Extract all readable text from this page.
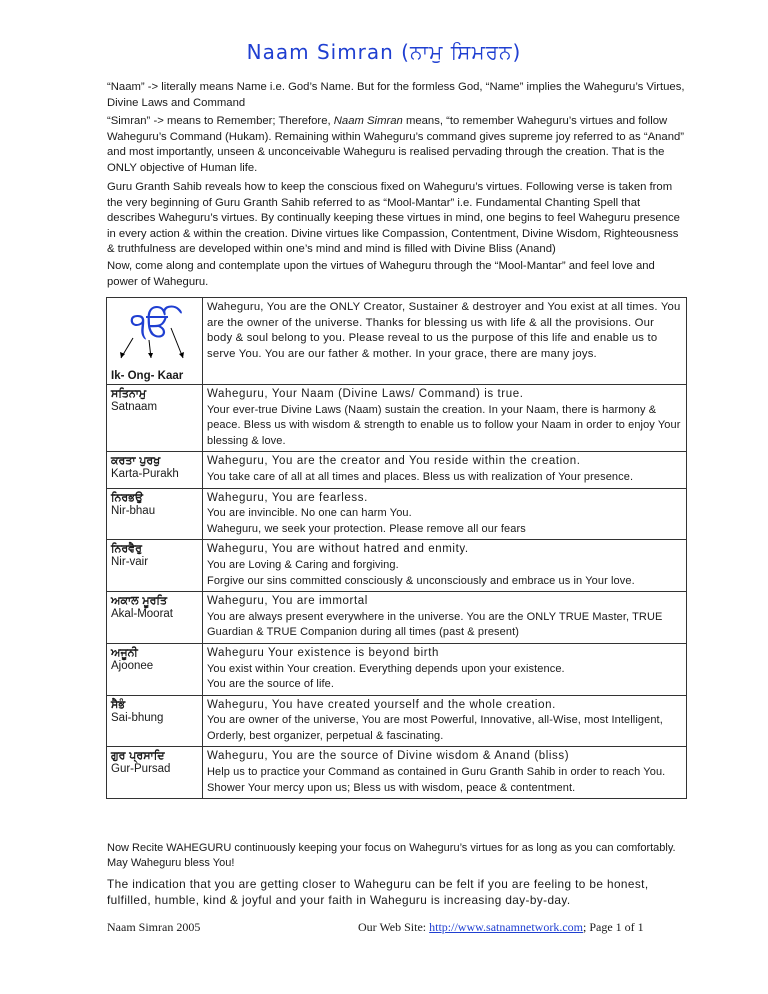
Naam Simran (ਨਾਮੁ ਸਿਮਰਨ)

“Naam” -> literally means Name i.e. God’s Name. But for the formless God, “Name” implies the Waheguru’s Virtues, Divine Laws and Command

“Simran” -> means to Remember; Therefore, Naam Simran means, “to remember Waheguru’s virtues and follow Waheguru’s Command (Hukam). Remaining within Waheguru’s command gives supreme joy referred to as “Anand” and most importantly, unseen & unconceivable Waheguru is realised pervading through the creation. That is the ONLY objective of Human life.

Guru Granth Sahib reveals how to keep the conscious fixed on Waheguru’s virtues. Following verse is taken from the very beginning of Guru Granth Sahib referred to as “Mool-Mantar” i.e. Fundamental Chanting Spell that describes Waheguru’s virtues. By continually keeping these virtues in mind, one begins to feel Waheguru presence in every action & within the creation. Divine virtues like Compassion, Contentment, Divine Wisdom, Righteousness & truthfulness are developed within one’s mind and mind is filled with Divine Bliss (Anand)

Now, come along and contemplate upon the virtues of Waheguru through the “Mool-Mantar” and feel love and power of Waheguru.

ੴ
Ik- Ong- Kaar	Waheguru, You are the ONLY Creator, Sustainer & destroyer and You exist at all times. You are the owner of the universe. Thanks for blessing us with life & all the provisions. Our body & soul belong to you. Please reveal to us the purpose of this life and enable us to serve You. You are our father & mother. In your grace, there are many joys.

ਸਤਿਨਾਮੁ
Satnaam	Waheguru, Your Naam (Divine Laws/ Command) is true.
Your ever-true Divine Laws (Naam) sustain the creation. In your Naam, there is harmony & peace. Bless us with wisdom & strength to enable us to follow your Naam in order to enjoy Your blessing & love.

ਕਰਤਾ ਪੁਰਖੁ
Karta-Purakh	Waheguru, You are the creator and You reside within the creation.
You take care of all at all times and places. Bless us with realization of Your presence.

ਨਿਰਭਉ
Nir-bhau	Waheguru, You are fearless.
You are invincible. No one can harm You.
Waheguru, we seek your protection. Please remove all our fears

ਨਿਰਵੈਰੁ
Nir-vair	Waheguru, You are without hatred and enmity.
You are Loving & Caring and forgiving.
Forgive our sins committed consciously & unconsciously and embrace us in Your love.

ਅਕਾਲ ਮੂਰਤਿ
Akal-Moorat	Waheguru, You are immortal
You are always present everywhere in the universe. You are the ONLY TRUE Master, TRUE Guardian & TRUE Companion during all times (past & present)

ਅਜੂਨੀ
Ajoonee	Waheguru Your existence is beyond birth
You exist within Your creation. Everything depends upon your existence.
You are the source of life.

ਸੈਭੰ
Sai-bhung	Waheguru, You have created yourself and the whole creation.
You are owner of the universe, You are most Powerful, Innovative, all-Wise, most Intelligent, Orderly, best organizer, perpetual & fascinating.

ਗੁਰ ਪ੍ਰਸਾਦਿ
Gur-Pursad	Waheguru, You are the source of Divine wisdom & Anand (bliss)
Help us to practice your Command as contained in Guru Granth Sahib in order to reach You. Shower Your mercy upon us; Bless us with wisdom, peace & contentment.

Now Recite WAHEGURU continuously keeping your focus on Waheguru’s virtues for as long as you can comfortably. May Waheguru bless You!

The indication that you are getting closer to Waheguru can be felt if you are feeling to be honest, fulfilled, humble, kind & joyful and your faith in Waheguru is increasing day-by-day.

Naam Simran 2005	Our Web Site: http://www.satnamnetwork.com; Page 1 of 1
